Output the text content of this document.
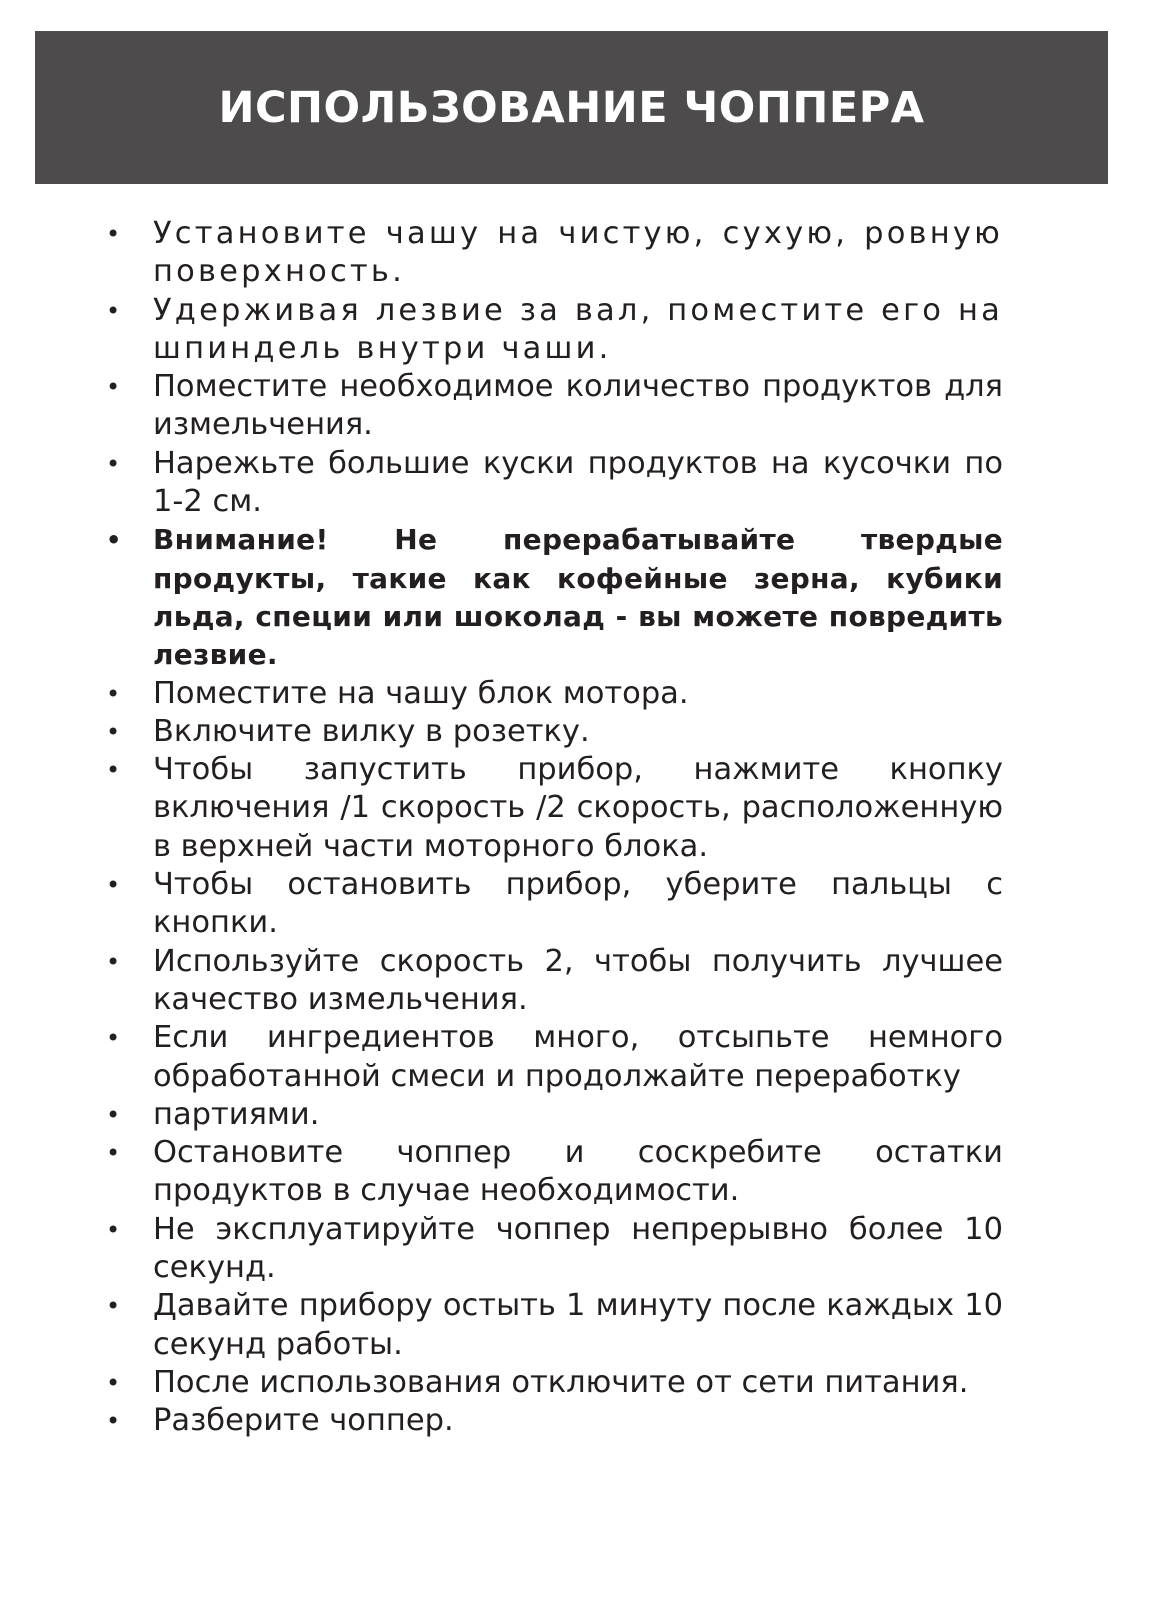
ИСПОЛЬЗОВАНИЕ ЧОППЕРА
• Установите чашу на чистую, сухую, ровную поверхность.
• Удерживая лезвие за вал, поместите его на шпиндель внутри чаши.
• Поместите необходимое количество продуктов для измельчения.
• Нарежьте большие куски продуктов на кусочки по 1-2 см.
• Внимание! Не перерабатывайте твердые продукты, такие как кофейные зерна, кубики льда, специи или шоколад - вы можете повредить лезвие.
• Поместите на чашу блок мотора.
• Включите вилку в розетку.
• Чтобы запустить прибор, нажмите кнопку включения /1 скорость /2 скорость, расположенную в верхней части моторного блока.
• Чтобы остановить прибор, уберите пальцы с кнопки.
• Используйте скорость 2, чтобы получить лучшее качество измельчения.
• Если ингредиентов много, отсыпьте немного обработанной смеси и продолжайте переработку
• партиями.
• Остановите чоппер и соскребите остатки продуктов в случае необходимости.
• Не эксплуатируйте чоппер непрерывно более 10 секунд.
• Давайте прибору остыть 1 минуту после каждых 10 секунд работы.
• После использования отключите от сети питания.
• Разберите чоппер.
